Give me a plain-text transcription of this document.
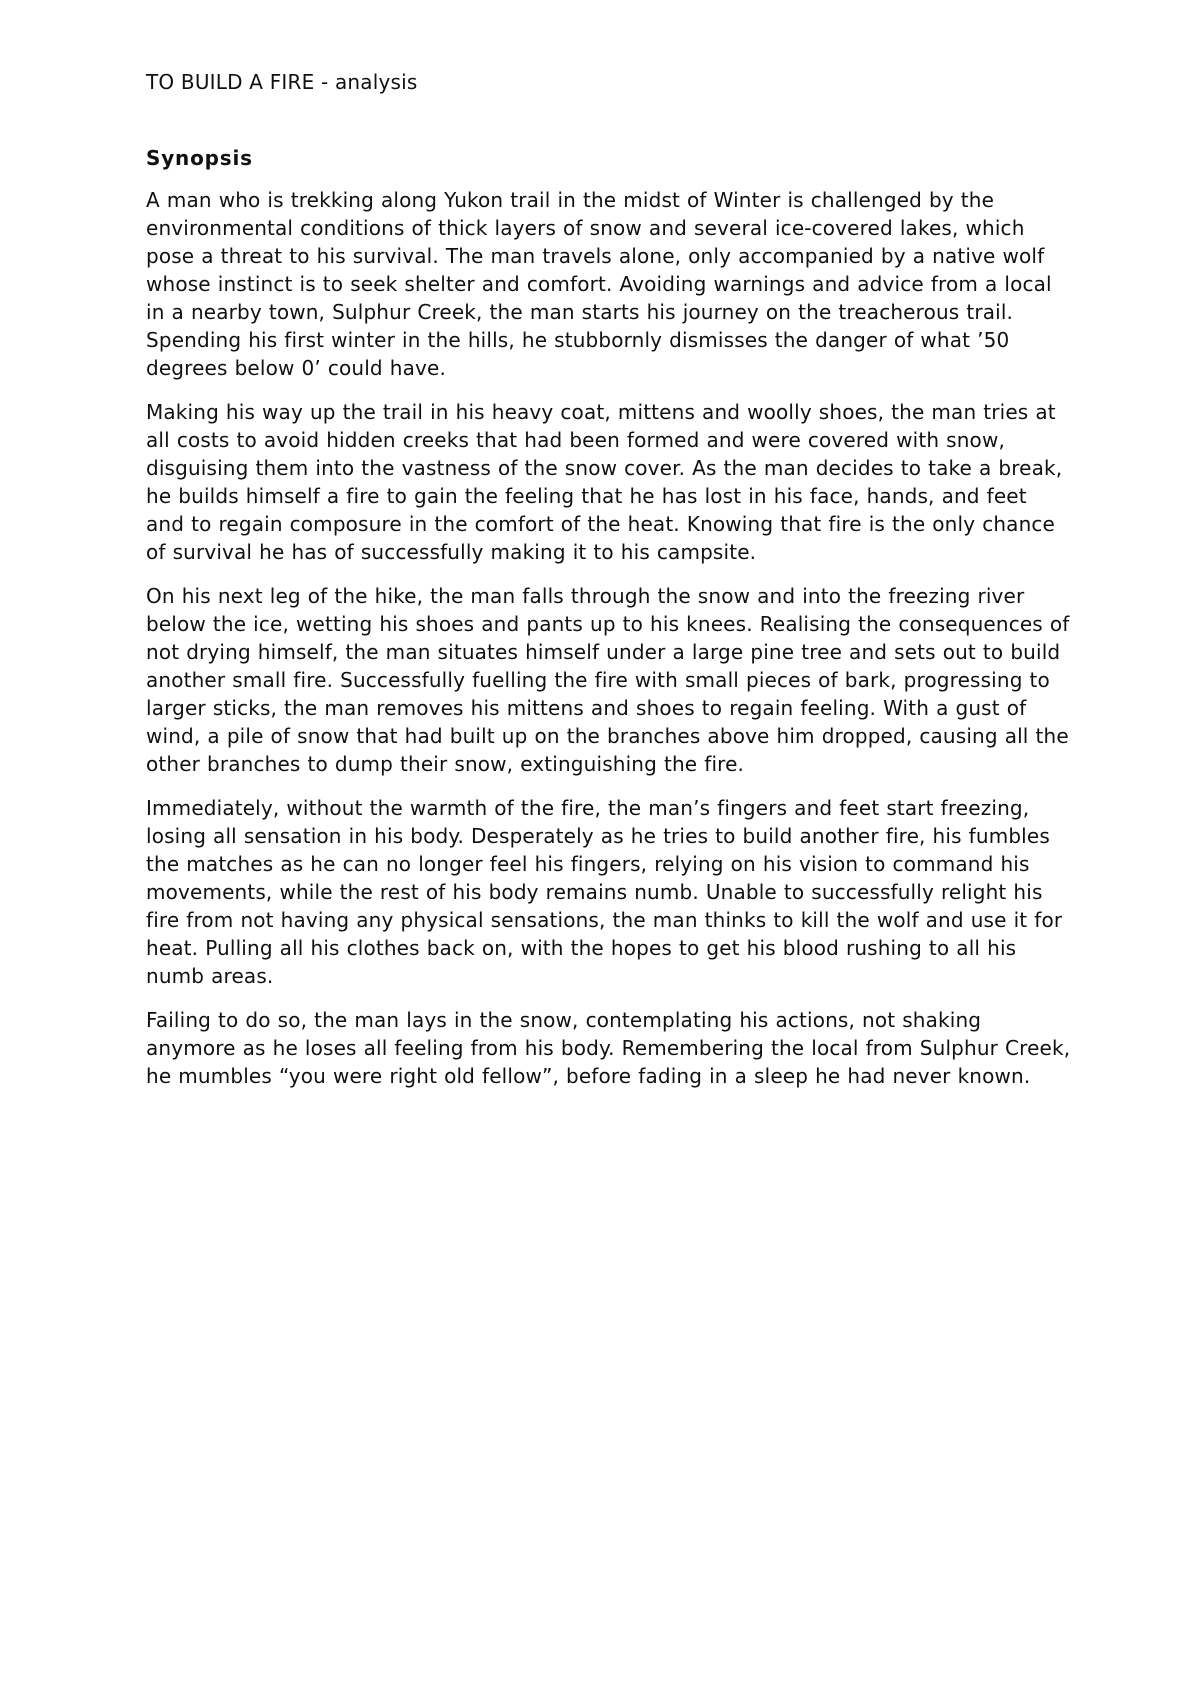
TO BUILD A FIRE - analysis
Synopsis

A man who is trekking along Yukon trail in the midst of Winter is challenged by the environmental conditions of thick layers of snow and several ice-covered lakes, which pose a threat to his survival. The man travels alone, only accompanied by a native wolf whose instinct is to seek shelter and comfort. Avoiding warnings and advice from a local in a nearby town, Sulphur Creek, the man starts his journey on the treacherous trail. Spending his first winter in the hills, he stubbornly dismisses the danger of what ’50 degrees below 0’ could have.

Making his way up the trail in his heavy coat, mittens and woolly shoes, the man tries at all costs to avoid hidden creeks that had been formed and were covered with snow, disguising them into the vastness of the snow cover. As the man decides to take a break, he builds himself a fire to gain the feeling that he has lost in his face, hands, and feet and to regain composure in the comfort of the heat. Knowing that fire is the only chance of survival he has of successfully making it to his campsite.

On his next leg of the hike, the man falls through the snow and into the freezing river below the ice, wetting his shoes and pants up to his knees. Realising the consequences of not drying himself, the man situates himself under a large pine tree and sets out to build another small fire. Successfully fuelling the fire with small pieces of bark, progressing to larger sticks, the man removes his mittens and shoes to regain feeling. With a gust of wind, a pile of snow that had built up on the branches above him dropped, causing all the other branches to dump their snow, extinguishing the fire.

Immediately, without the warmth of the fire, the man’s fingers and feet start freezing, losing all sensation in his body. Desperately as he tries to build another fire, his fumbles the matches as he can no longer feel his fingers, relying on his vision to command his movements, while the rest of his body remains numb. Unable to successfully relight his fire from not having any physical sensations, the man thinks to kill the wolf and use it for heat. Pulling all his clothes back on, with the hopes to get his blood rushing to all his numb areas.

Failing to do so, the man lays in the snow, contemplating his actions, not shaking anymore as he loses all feeling from his body. Remembering the local from Sulphur Creek, he mumbles “you were right old fellow”, before fading in a sleep he had never known.
